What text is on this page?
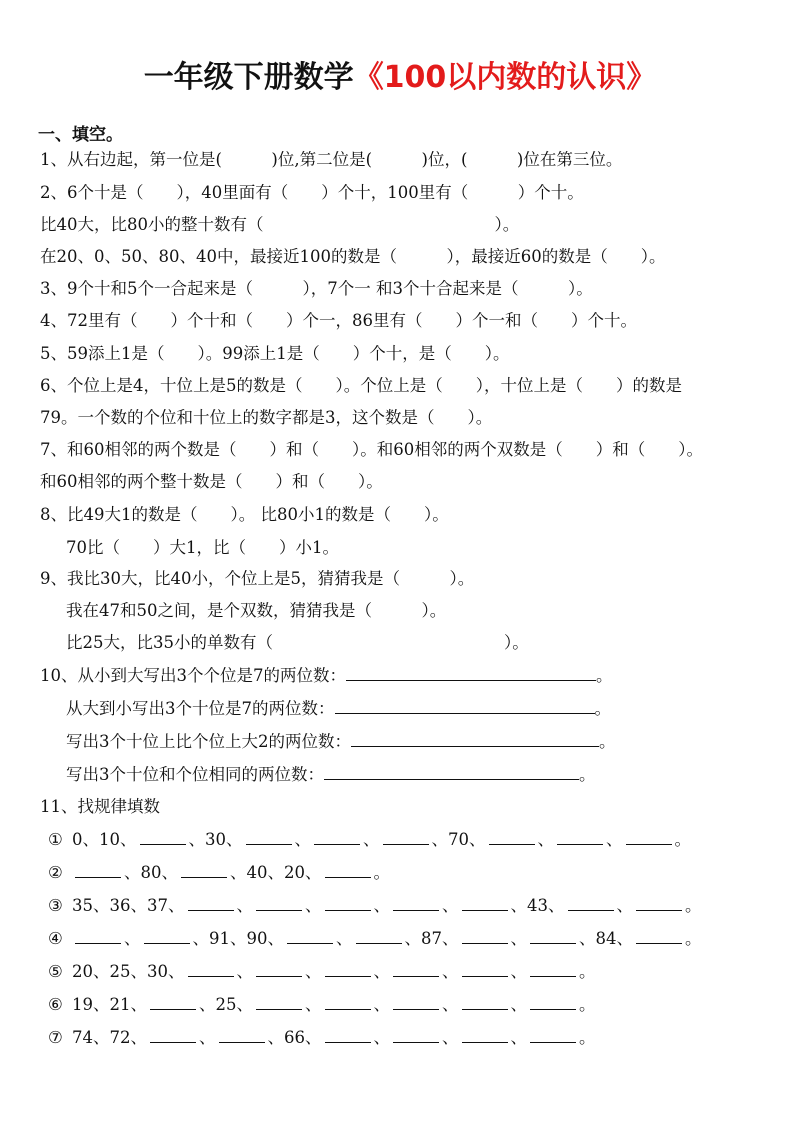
一年级下册数学《100以内数的认识》
一、填空。
1、从右边起，第一位是(　　　)位,第二位是(　　　)位，(　　　)位在第三位。
2、6个十是（　　），40里面有（　　）个十，100里有（　　　）个十。
比40大，比80小的整十数有（　　　　　　　　　　　　　　）。
在20、0、50、80、40中，最接近100的数是（　　　），最接近60的数是（　　）。
3、9个十和5个一合起来是（　　　），7个一 和3个十合起来是（　　　）。
4、72里有（　　）个十和（　　）个一，86里有（　　）个一和（　　）个十。
5、59添上1是（　　）。99添上1是（　　）个十，是（　　）。
6、个位上是4，十位上是5的数是（　　）。个位上是（　　），十位上是（　　）的数是
79。一个数的个位和十位上的数字都是3，这个数是（　　）。
7、和60相邻的两个数是（　　）和（　　）。和60相邻的两个双数是（　　）和（　　）。
和60相邻的两个整十数是（　　）和（　　）。
8、比49大1的数是（　　）。 比80小1的数是（　　）。
70比（　　）大1，比（　　）小1。
9、我比30大，比40小，个位上是5，猜猜我是（　　　）。
我在47和50之间，是个双数，猜猜我是（　　　）。
比25大，比35小的单数有（　　　　　　　　　　　　　　）。
10、从小到大写出3个个位是7的两位数：	。
从大到小写出3个十位是7的两位数：	。
写出3个十位上比个位上大2的两位数：	。
写出3个十位和个位相同的两位数：	。
11、找规律填数
① 0、10、	、30、	、	、	、70、	、	、	。
②	、80、	、40、20、	。
③ 35、36、37、	、	、	、	、	、43、	、	。
④	、	、91、90、	、	、87、	、	、84、	。
⑤ 20、25、30、	、	、	、	、	、	。
⑥ 19、21、	、25、	、	、	、	、	。
⑦ 74、72、	、	、66、	、	、	、	。
